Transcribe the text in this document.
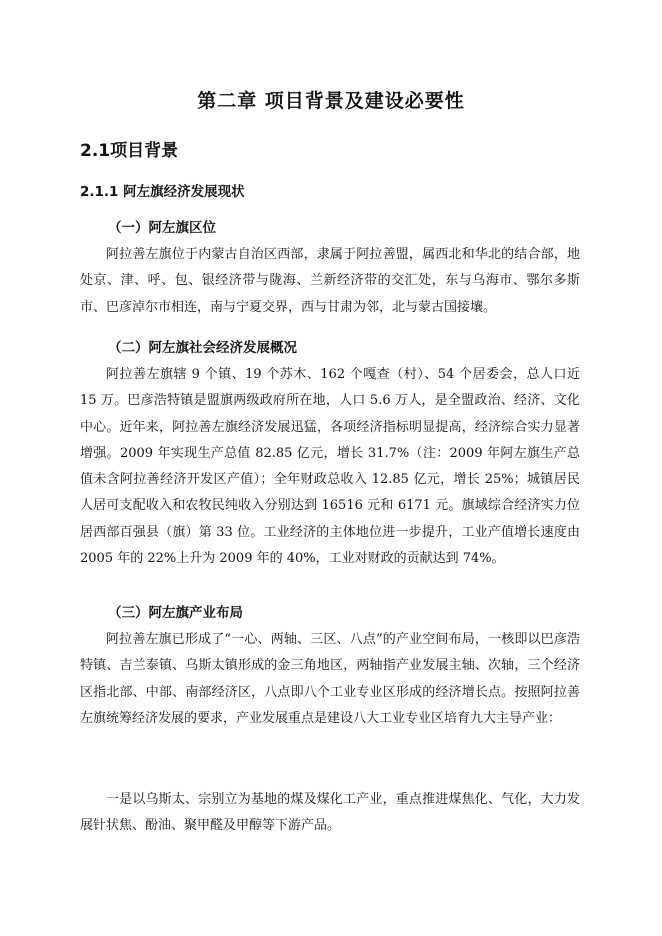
第二章 项目背景及建设必要性
2.1项目背景
2.1.1 阿左旗经济发展现状
（一）阿左旗区位
阿拉善左旗位于内蒙古自治区西部，隶属于阿拉善盟，属西北和华北的结合部，地处京、津、呼、包、银经济带与陇海、兰新经济带的交汇处，东与乌海市、鄂尔多斯市、巴彦淖尔市相连，南与宁夏交界，西与甘肃为邻，北与蒙古国接壤。
（二）阿左旗社会经济发展概况
阿拉善左旗辖 9 个镇、19 个苏木、162 个嘎查（村）、54 个居委会，总人口近 15 万。巴彦浩特镇是盟旗两级政府所在地，人口 5.6 万人，是全盟政治、经济、文化中心。近年来，阿拉善左旗经济发展迅猛，各项经济指标明显提高，经济综合实力显著增强。2009 年实现生产总值 82.85 亿元，增长 31.7%（注：2009 年阿左旗生产总值未含阿拉善经济开发区产值）；全年财政总收入 12.85 亿元，增长 25%；城镇居民人居可支配收入和农牧民纯收入分别达到 16516 元和 6171 元。旗域综合经济实力位居西部百强县（旗）第 33 位。工业经济的主体地位进一步提升，工业产值增长速度由 2005 年的 22%上升为 2009 年的 40%，工业对财政的贡献达到 74%。
（三）阿左旗产业布局
阿拉善左旗已形成了“一心、两轴、三区、八点”的产业空间布局，一核即以巴彦浩特镇、吉兰泰镇、乌斯太镇形成的金三角地区，两轴指产业发展主轴、次轴，三个经济区指北部、中部、南部经济区，八点即八个工业专业区形成的经济增长点。按照阿拉善左旗统筹经济发展的要求，产业发展重点是建设八大工业专业区培育九大主导产业：
一是以乌斯太、宗别立为基地的煤及煤化工产业，重点推进煤焦化、气化，大力发展针状焦、酚油、聚甲醛及甲醇等下游产品。
